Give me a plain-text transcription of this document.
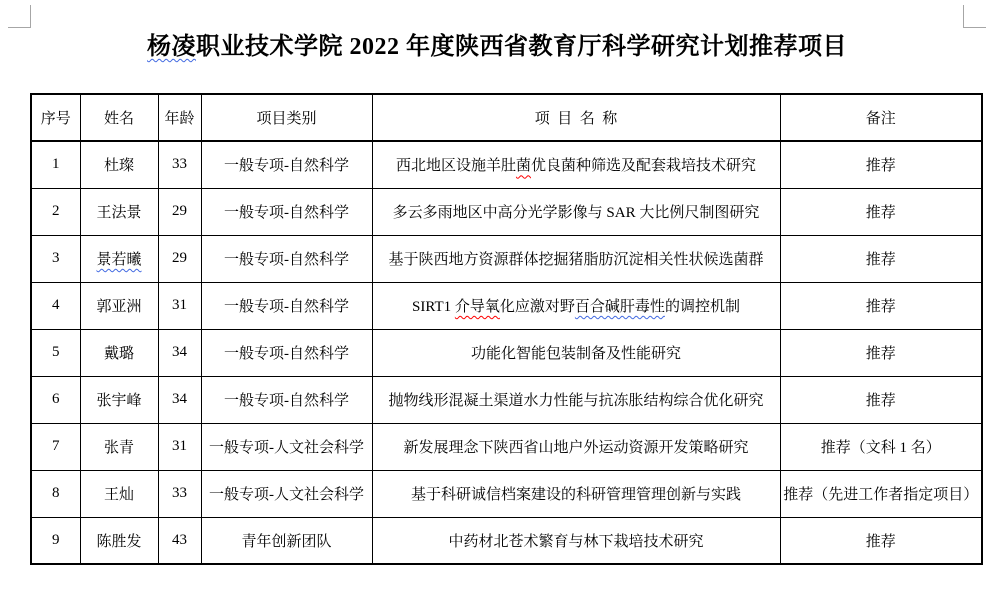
杨凌职业技术学院 2022 年度陕西省教育厅科学研究计划推荐项目
序号	姓名	年龄	项目类别	项  目  名  称	备注
1	杜璨	33	一般专项-自然科学	西北地区设施羊肚菌优良菌种筛选及配套栽培技术研究	推荐
2	王法景	29	一般专项-自然科学	多云多雨地区中高分光学影像与 SAR 大比例尺制图研究	推荐
3	景若曦	29	一般专项-自然科学	基于陕西地方资源群体挖掘猪脂肪沉淀相关性状候选菌群	推荐
4	郭亚洲	31	一般专项-自然科学	SIRT1 介导氧化应激对野百合碱肝毒性的调控机制	推荐
5	戴璐	34	一般专项-自然科学	功能化智能包装制备及性能研究	推荐
6	张宇峰	34	一般专项-自然科学	抛物线形混凝土渠道水力性能与抗冻胀结构综合优化研究	推荐
7	张青	31	一般专项-人文社会科学	新发展理念下陕西省山地户外运动资源开发策略研究	推荐（文科 1 名）
8	王灿	33	一般专项-人文社会科学	基于科研诚信档案建设的科研管理管理创新与实践	推荐（先进工作者指定项目）
9	陈胜发	43	青年创新团队	中药材北苍术繁育与林下栽培技术研究	推荐
